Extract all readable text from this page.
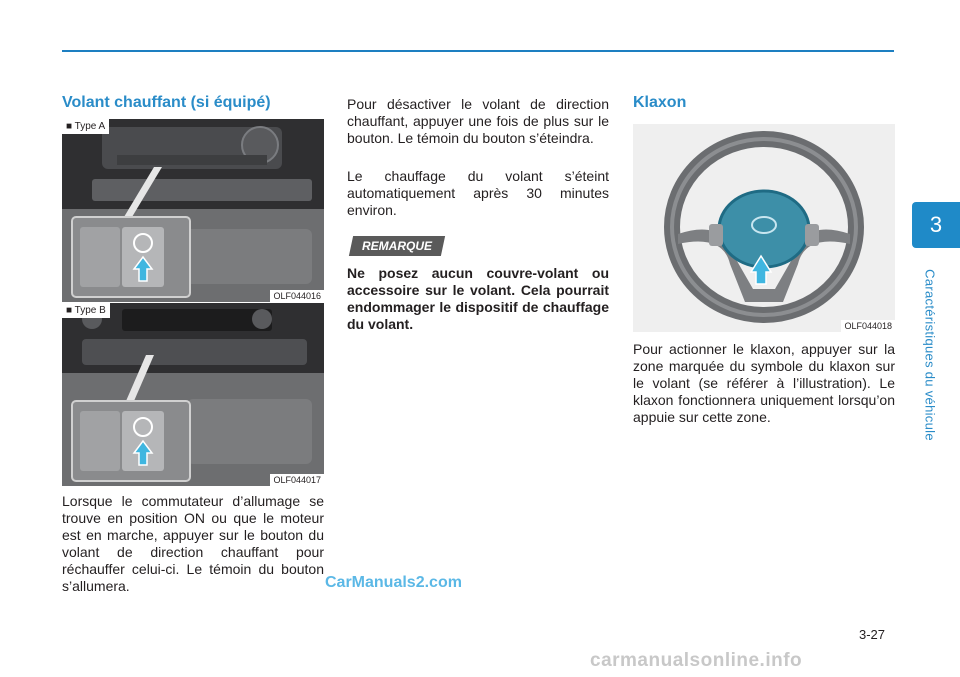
Volant chauffant (si équipé)
■ Type A
OLF044016
■ Type B
OLF044017

Lorsque le commutateur d’allumage se trouve en position ON ou que le moteur est en marche, appuyer sur le bouton du volant de direction chauffant pour réchauffer celui-ci. Le témoin du bouton s’allumera.

Pour désactiver le volant de direction chauffant, appuyer une fois de plus sur le bouton. Le témoin du bouton s’éteindra.

Le chauffage du volant s’éteint automatiquement après 30 minutes environ.

REMARQUE

Ne posez aucun couvre-volant ou accessoire sur le volant. Cela pourrait endommager le dispositif de chauffage du volant.

Klaxon
OLF044018

Pour actionner le klaxon, appuyer sur la zone marquée du symbole du klaxon sur le volant (se référer à l’illustration). Le klaxon fonctionnera uniquement lorsqu’on appuie sur cette zone.

3
Caractéristiques du véhicule
3-27
CarManuals2.com
carmanualsonline.info
